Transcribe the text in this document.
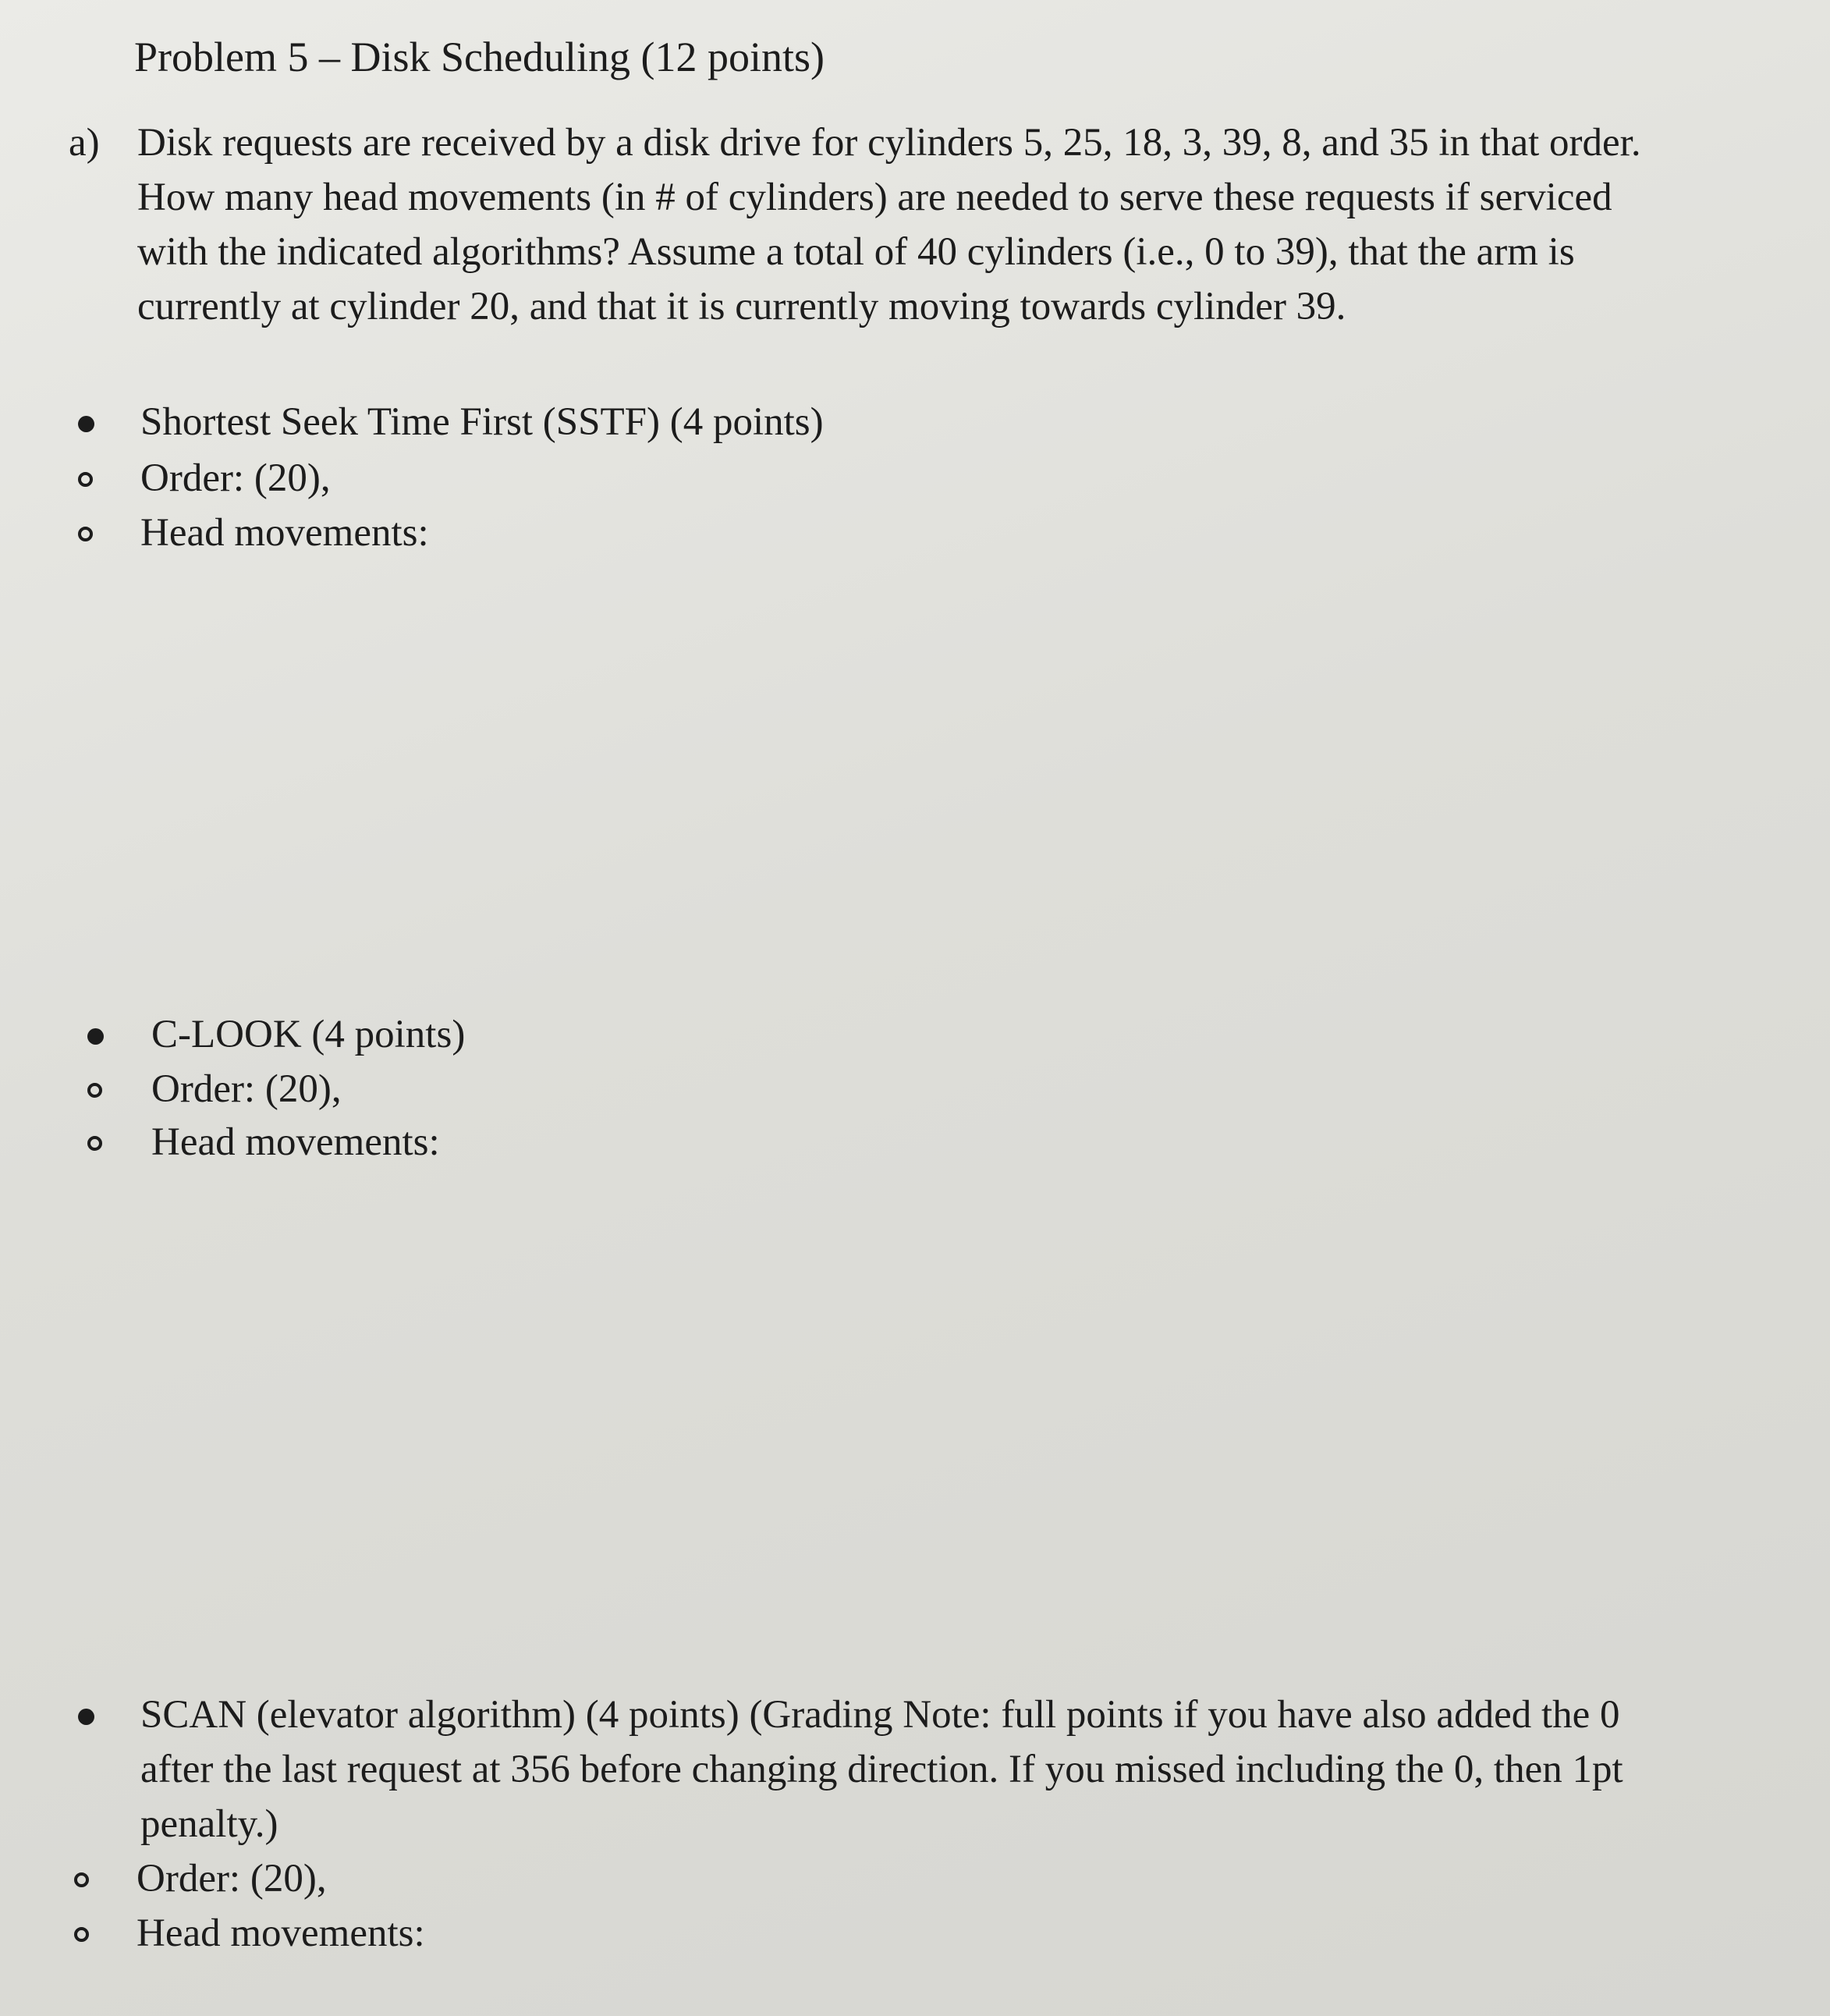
Problem 5 – Disk Scheduling (12 points)
a) Disk requests are received by a disk drive for cylinders 5, 25, 18, 3, 39, 8, and 35 in that order.
How many head movements (in # of cylinders) are needed to serve these requests if serviced
with the indicated algorithms? Assume a total of 40 cylinders (i.e., 0 to 39), that the arm is
currently at cylinder 20, and that it is currently moving towards cylinder 39.
Shortest Seek Time First (SSTF) (4 points)
Order: (20),
Head movements:
C-LOOK (4 points)
Order: (20),
Head movements:
SCAN (elevator algorithm) (4 points) (Grading Note: full points if you have also added the 0
after the last request at 356 before changing direction. If you missed including the 0, then 1pt
penalty.)
Order: (20),
Head movements:
